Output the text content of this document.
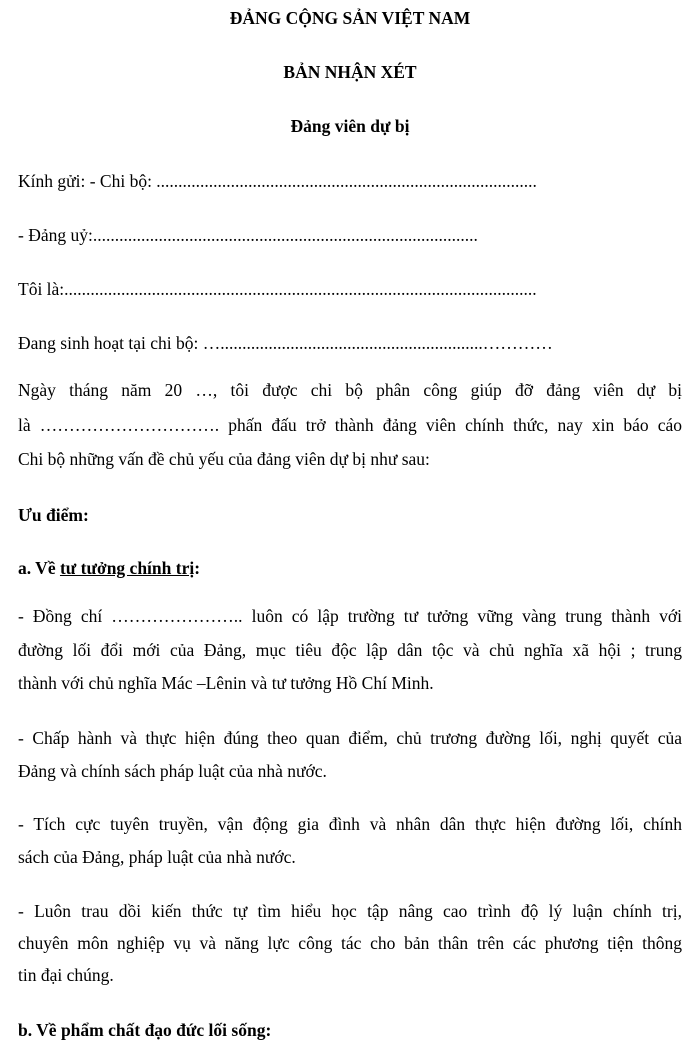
ĐẢNG CỘNG SẢN VIỆT NAM
BẢN NHẬN XÉT
Đảng viên dự bị
Kính gửi: - Chi bộ: .......................................................................................
- Đảng uỷ:........................................................................................
Tôi là:............................................................................................................
Đang sinh hoạt tại chi bộ: …............................................................…………
Ngày tháng năm 20 …, tôi được chi bộ phân công giúp đỡ đảng viên dự bị
là …………………………. phấn đấu trở thành đảng viên chính thức, nay xin báo cáo
Chi bộ những vấn đề chủ yếu của đảng viên dự bị như sau:
Ưu điểm:
a. Về tư tưởng chính trị:
- Đồng chí ………………….. luôn có lập trường tư tưởng vững vàng trung thành với
đường lối đổi mới của Đảng, mục tiêu độc lập dân tộc và chủ nghĩa xã hội ; trung
thành với chủ nghĩa Mác –Lênin và tư tưởng Hồ Chí Minh.
- Chấp hành và thực hiện đúng theo quan điểm, chủ trương đường lối, nghị quyết của
Đảng và chính sách pháp luật của nhà nước.
- Tích cực tuyên truyền, vận động gia đình và nhân dân thực hiện đường lối, chính
sách của Đảng, pháp luật của nhà nước.
- Luôn trau dồi kiến thức tự tìm hiểu học tập nâng cao trình độ lý luận chính trị,
chuyên môn nghiệp vụ và năng lực công tác cho bản thân trên các phương tiện thông
tin đại chúng.
b. Về phẩm chất đạo đức lối sống:
